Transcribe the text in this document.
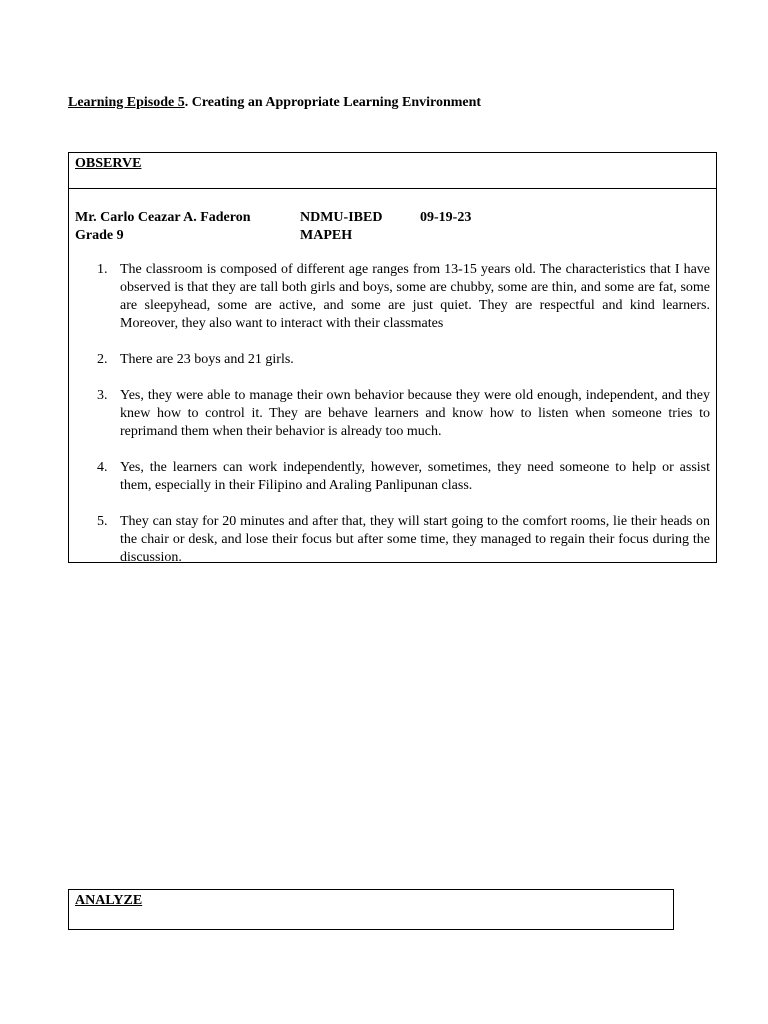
Learning Episode 5. Creating an Appropriate Learning Environment
OBSERVE
Mr. Carlo Ceazar A. Faderon	NDMU-IBED	09-19-23
Grade 9	MAPEH
1. The classroom is composed of different age ranges from 13-15 years old. The characteristics that I have observed is that they are tall both girls and boys, some are chubby, some are thin, and some are fat, some are sleepyhead, some are active, and some are just quiet. They are respectful and kind learners. Moreover, they also want to interact with their classmates
2. There are 23 boys and 21 girls.
3. Yes, they were able to manage their own behavior because they were old enough, independent, and they knew how to control it. They are behave learners and know how to listen when someone tries to reprimand them when their behavior is already too much.
4. Yes, the learners can work independently, however, sometimes, they need someone to help or assist them, especially in their Filipino and Araling Panlipunan class.
5. They can stay for 20 minutes and after that, they will start going to the comfort rooms, lie their heads on the chair or desk, and lose their focus but after some time, they managed to regain their focus during the discussion.
ANALYZE
